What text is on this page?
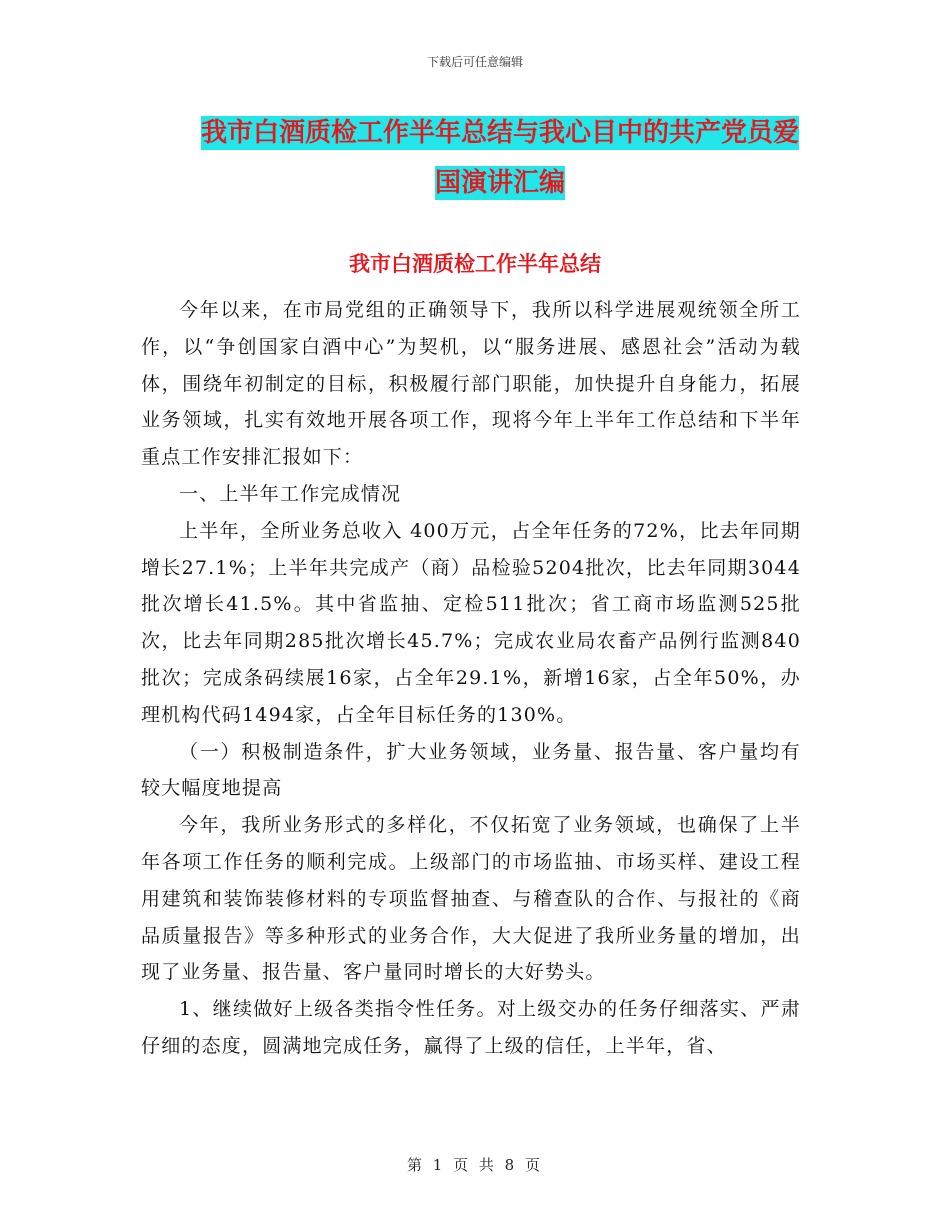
下载后可任意编辑
我市白酒质检工作半年总结与我心目中的共产党员爱
国演讲汇编
我市白酒质检工作半年总结

今年以来，在市局党组的正确领导下，我所以科学进展观统领全所工作，以“争创国家白酒中心”为契机，以“服务进展、感恩社会”活动为载体，围绕年初制定的目标，积极履行部门职能，加快提升自身能力，拓展业务领域，扎实有效地开展各项工作，现将今年上半年工作总结和下半年重点工作安排汇报如下：

一、上半年工作完成情况

上半年，全所业务总收入 400万元，占全年任务的72%，比去年同期增长27.1%；上半年共完成产（商）品检验5204批次，比去年同期3044批次增长41.5%。其中省监抽、定检511批次；省工商市场监测525批次，比去年同期285批次增长45.7%；完成农业局农畜产品例行监测840批次；完成条码续展16家，占全年29.1%，新增16家，占全年50%，办理机构代码1494家，占全年目标任务的130%。

（一）积极制造条件，扩大业务领域，业务量、报告量、客户量均有较大幅度地提高

今年，我所业务形式的多样化，不仅拓宽了业务领域，也确保了上半年各项工作任务的顺利完成。上级部门的市场监抽、市场买样、建设工程用建筑和装饰装修材料的专项监督抽查、与稽查队的合作、与报社的《商品质量报告》等多种形式的业务合作，大大促进了我所业务量的增加，出现了业务量、报告量、客户量同时增长的大好势头。

1、继续做好上级各类指令性任务。对上级交办的任务仔细落实、严肃仔细的态度，圆满地完成任务，赢得了上级的信任，上半年，省、

第 1 页 共 8 页
